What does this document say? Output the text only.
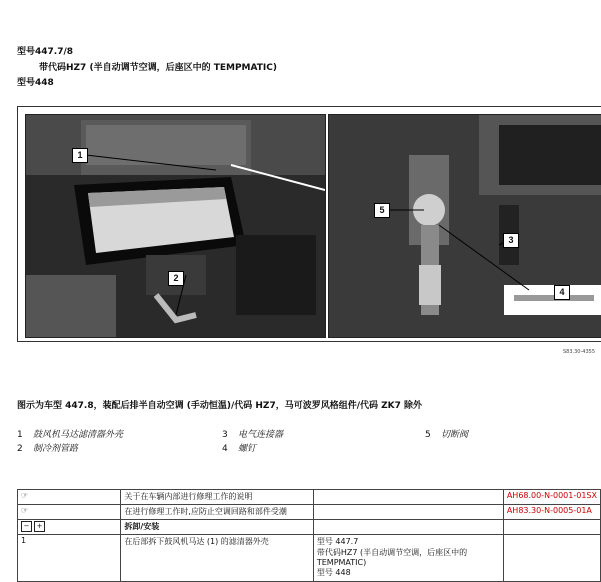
型号447.7/8
带代码HZ7 (半自动调节空调，后座区中的 TEMPMATIC)
型号448
1
2
5
3
4
S83.30-4355
图示为车型 447.8，装配后排半自动空调 (手动恒温)/代码 HZ7，马可波罗风格组件/代码 ZK7 除外
1 鼓风机马达滤清器外壳
2 制冷剂管路
3 电气连接器
4 螺钉
5 切断阀
☞	关于在车辆内部进行修理工作的说明		AH68.00-N-0001-01SX
☞	在进行修理工作时,应防止空调回路和部件受潮		AH83.30-N-0005-01A
− +	拆卸/安装		
1	在后部拆下鼓风机马达 (1) 的滤清器外壳	型号 447.7
带代码HZ7 (半自动调节空调，后座区中的
TEMPMATIC)
型号 448	
